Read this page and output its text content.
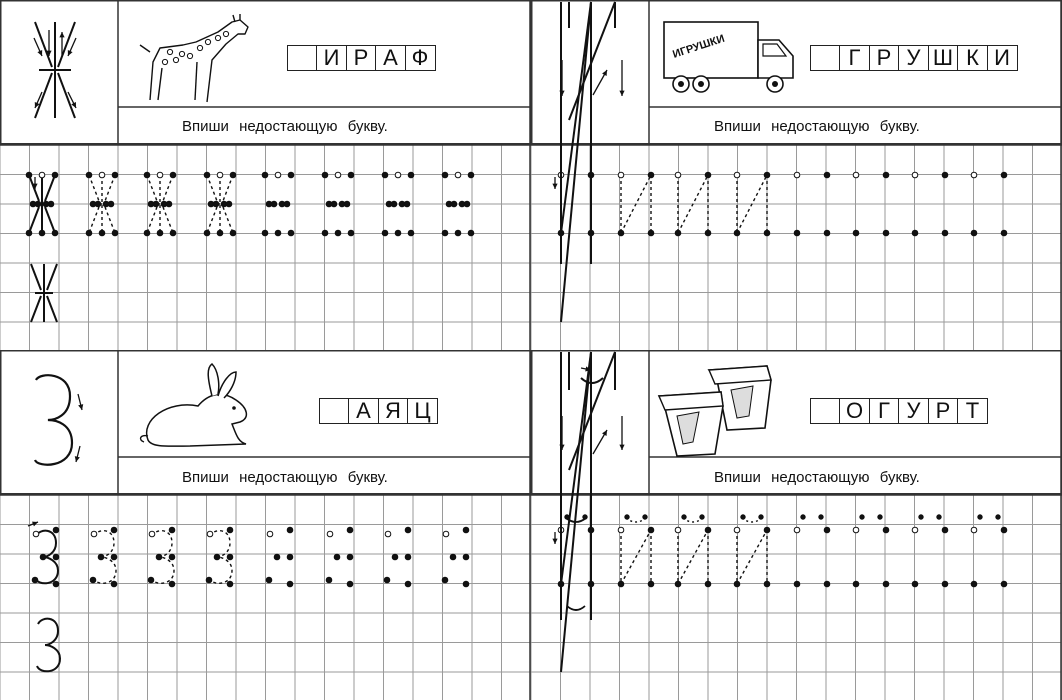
И Р А Ф
Впиши недостающую букву.
ИГРУШКИ	Г Р У Ш К И
Впиши недостающую букву.
А Я Ц
Впиши недостающую букву.
О Г У Р Т
Впиши недостающую букву.
